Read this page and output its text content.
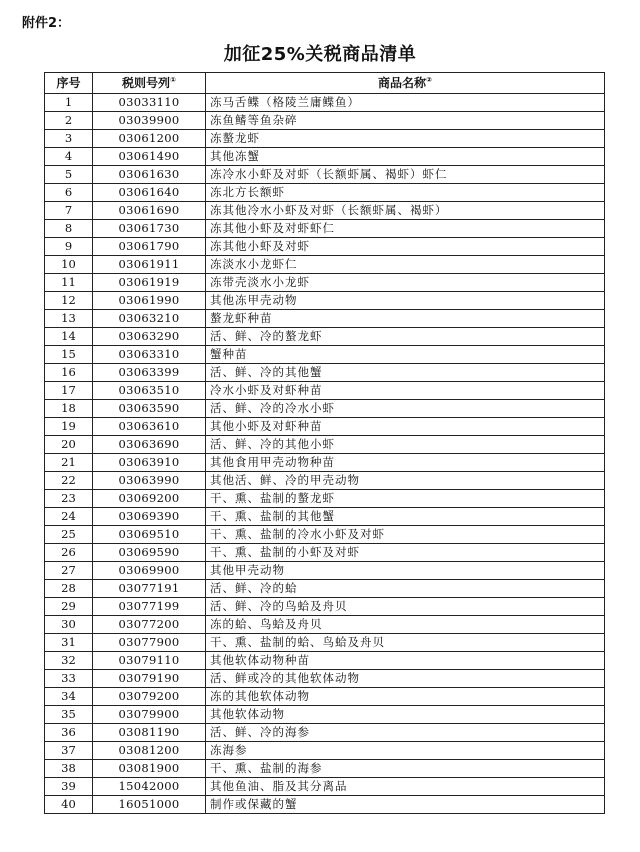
附件2：
加征25%关税商品清单
序号	税则号列①	商品名称②
1	03033110	冻马舌鲽（格陵兰庸鲽鱼）
2	03039900	冻鱼鳍等鱼杂碎
3	03061200	冻螯龙虾
4	03061490	其他冻蟹
5	03061630	冻冷水小虾及对虾（长额虾属、褐虾）虾仁
6	03061640	冻北方长额虾
7	03061690	冻其他冷水小虾及对虾（长额虾属、褐虾）
8	03061730	冻其他小虾及对虾虾仁
9	03061790	冻其他小虾及对虾
10	03061911	冻淡水小龙虾仁
11	03061919	冻带壳淡水小龙虾
12	03061990	其他冻甲壳动物
13	03063210	螯龙虾种苗
14	03063290	活、鲜、冷的螯龙虾
15	03063310	蟹种苗
16	03063399	活、鲜、冷的其他蟹
17	03063510	冷水小虾及对虾种苗
18	03063590	活、鲜、冷的冷水小虾
19	03063610	其他小虾及对虾种苗
20	03063690	活、鲜、冷的其他小虾
21	03063910	其他食用甲壳动物种苗
22	03063990	其他活、鲜、冷的甲壳动物
23	03069200	干、熏、盐制的螯龙虾
24	03069390	干、熏、盐制的其他蟹
25	03069510	干、熏、盐制的冷水小虾及对虾
26	03069590	干、熏、盐制的小虾及对虾
27	03069900	其他甲壳动物
28	03077191	活、鲜、冷的蛤
29	03077199	活、鲜、冷的鸟蛤及舟贝
30	03077200	冻的蛤、鸟蛤及舟贝
31	03077900	干、熏、盐制的蛤、鸟蛤及舟贝
32	03079110	其他软体动物种苗
33	03079190	活、鲜或冷的其他软体动物
34	03079200	冻的其他软体动物
35	03079900	其他软体动物
36	03081190	活、鲜、冷的海参
37	03081200	冻海参
38	03081900	干、熏、盐制的海参
39	15042000	其他鱼油、脂及其分离品
40	16051000	制作或保藏的蟹
